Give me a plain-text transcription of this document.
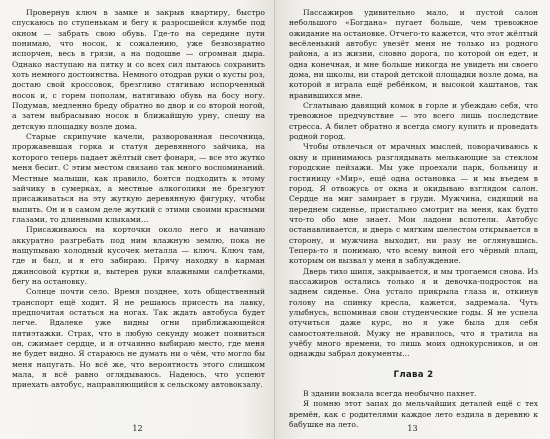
Провернув ключ в замке и закрыв квартиру, быстро спускаюсь по ступенькам и бегу к разросшейся клумбе под окном — забрать свою обувь. Где-то на середине пути понимаю, что носок, к сожалению, уже безвозвратно испорчен, весь в грязи, а на подошве — огромная дыра. Однако наступаю на пятку и со всех сил пытаюсь сохранить хоть немного достоинства. Немного отодрав руки о кусты роз, достаю свой кроссовок, брезгливо стягиваю испорченный носок и, с горем пополам, натягиваю обувь на босу ногу. Подумав, медленно бреду обратно во двор и со второй ногой, а затем выбрасываю носок в ближайшую урну, спешу на детскую площадку возле дома.

Старые скрипучие качели, разворованная песочница, проржавевшая горка и статуя деревянного зайчика, на которого теперь падает жёлтый свет фонаря, — все это жутко меня бесит. С этим местом связано так много воспоминаний. Местные малыши, как правило, боятся подходить к этому зайчику в сумерках, а местные алкоголики не брезгуют присаживаться на эту жуткую деревянную фигурку, чтобы выпить. Он и в самом деле жуткий с этими своими красными глазами, то длинными клыками…

Присаживаюсь на корточки около него и начинаю аккуратно разгребать под ним влажную землю, пока не нащупываю холодный кусочек металла — ключ. Ключ там, где и был, и я его забираю. Прячу находку в карман джинсовой куртки и, вытерев руки влажными салфетками, бегу на остановку.

Солнце почти село. Время позднее, хоть общественный транспорт ещё ходит. Я не решаюсь присесть на лавку, предпочитая остаться на ногах. Так ждать автобуса будет легче. Вдалеке уже видны огни приближающейся пятиэтажки. Страх, что в любую секунду может появиться он, сжимает сердце, и я отчаянно выбираю место, где меня не будет видно. Я стараюсь не думать ни о чём, что могло бы меня напугать. Но всё же, что вероятность этого слишком мала, я всё равно оглядываюсь. Надеюсь, что успеют приехать автобус, направляющийся к сельскому автовокзалу.

12

Пассажиров удивительно мало, и пустой салон небольшого «Богдана» пугает больше, чем тревожное ожидание на остановке. Отчего-то кажется, что этот жёлтый весёленький автобус увезёт меня не только из родного района, а из жизни, словно дорога, по которой он едет, и одна конечная, и мне больше никогда не увидеть ни своего дома, ни школы, ни старой детской площадки возле дома, на которой я играла ещё ребёнком, и высокой каштанов, так нравившихся мне.

Сглатываю давящий комок в горле и убеждаю себя, что тревожное предчувствие — это всего лишь последствие стресса. А билет обратно я всегда смогу купить и проведать родной город.

Чтобы отвлечься от мрачных мыслей, поворачиваюсь к окну и принимаюсь разглядывать мелькающие за стеклом городские пейзажи. Мы уже проехали парк, больницу и гостиницу «Мир», ещё одна остановка — и мы въедем в город. Я отвожусь от окна и окидываю взглядом салон. Сердце на миг замирает в груди. Мужчина, сидящий на переднем сиденье, пристально смотрит на меня, как будто что-то обо мне знает. Мои ладони вспотели. Автобус останавливается, и дверь с мягким шелестом открывается в сторону, и мужчина выходит, ни разу не оглянувшись. Теперь-то я понимаю, что всему виной его чёрный плащ, которым он вызвал у меня в заблуждение.

Дверь тихо шипя, закрывается, и мы трогаемся снова. Из пассажиров остались только я и девочка-подросток на заднем сиденье. Она устало прикрыла глаза и, откинув голову на спинку кресла, кажется, задремала. Чуть улыбнусь, вспоминая свои студенческие годы. Я не успела отучиться даже курс, но я уже была для себя самостоятельной. Мужу не нравилось, что я тратила на учёбу много времени, то лишь моих однокурсников, и он однажды забрал документы…

Глава 2

В здании вокзала всегда необычно пахнет.

Я помню этот запах до мельчайших деталей ещё с тех времён, как с родителями каждое лето ездила в деревню к бабушке на лето.	13
